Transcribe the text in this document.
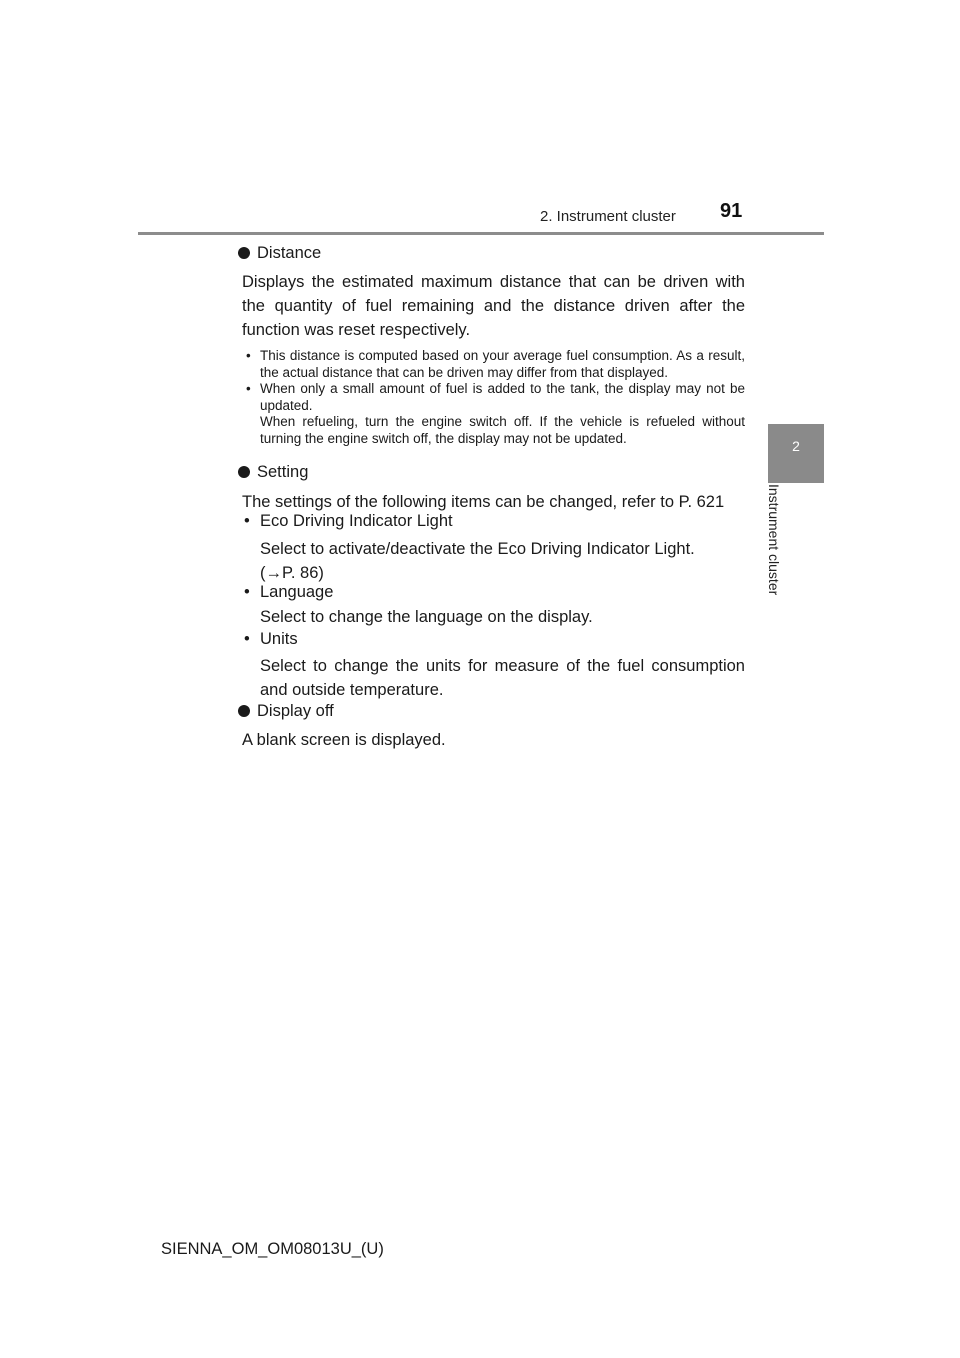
2. Instrument cluster 91
2
Instrument cluster
Distance
Displays the estimated maximum distance that can be driven with the quantity of fuel remaining and the distance driven after the function was reset respectively.
• This distance is computed based on your average fuel consumption. As a result, the actual distance that can be driven may differ from that displayed.
• When only a small amount of fuel is added to the tank, the display may not be updated.
When refueling, turn the engine switch off. If the vehicle is refueled without turning the engine switch off, the display may not be updated.
Setting
The settings of the following items can be changed, refer to P. 621
• Eco Driving Indicator Light
Select to activate/deactivate the Eco Driving Indicator Light.
(→P. 86)
• Language
Select to change the language on the display.
• Units
Select to change the units for measure of the fuel consumption and outside temperature.
Display off
A blank screen is displayed.
SIENNA_OM_OM08013U_(U)
